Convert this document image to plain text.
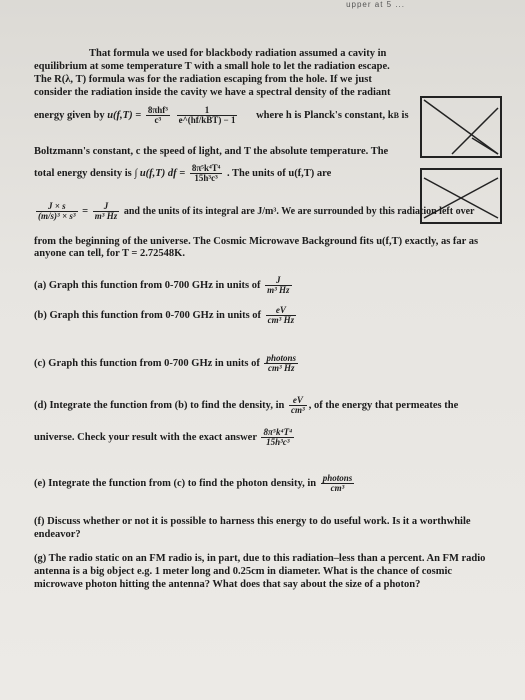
upper at 5 ...
That formula we used for blackbody radiation assumed a cavity in
equilibrium at some temperature T with a small hole to let the radiation escape.
The R(λ, T) formula was for the radiation escaping from the hole. If we just
consider the radiation inside the cavity we have a spectral density of the radiant
energy given by $u(f,T) = \frac{\text{8πhf³}}{\text{c³}}$
$\frac{1}{\text{e\textasciicircum{}(hf/kBT) − 1}}$ where h is Planck's constant, kB is
Boltzmann's constant, c the speed of light, and T the absolute temperature. The
total energy density is ∫ u(f,T) df = $\frac{\text{8π⁵k⁴T⁴}}{\text{15h³c³}}$ . The units of u(f,T) are
$\frac{J \times s}{\text{(m/s)³ × s³}} = \frac{J}{\text{m³ Hz}}$ and the units of its integral are J/m³. We are surrounded by this radiation left over
from the beginning of the universe. The Cosmic Microwave Background fits u(f,T) exactly, as far as
anyone can tell, for T = 2.72548K.
(a) Graph this function from 0-700 GHz in units of $\frac{J}{\text{m³ Hz}}$
(b) Graph this function from 0-700 GHz in units of $\frac{eV}{\text{cm³ Hz}}$
(c) Graph this function from 0-700 GHz in units of $\frac{\text{photons}}{\text{cm³ Hz}}$
(d) Integrate the function from (b) to find the density, in $\frac{eV}{\text{cm³}}$ , of the energy that permeates the
universe. Check your result with the exact answer $\frac{\text{8π⁵k⁴T⁴}}{\text{15h³c³}}$
(e) Integrate the function from (c) to find the photon density, in $\frac{\text{photons}}{\text{cm³}}$
(f) Discuss whether or not it is possible to harness this energy to do useful work. Is it a worthwhile
endeavor?
(g) The radio static on an FM radio is, in part, due to this radiation–less than a percent. An FM radio
antenna is a big object e.g. 1 meter long and 0.25cm in diameter. What is the chance of cosmic
microwave photon hitting the antenna? What does that say about the size of a photon?
